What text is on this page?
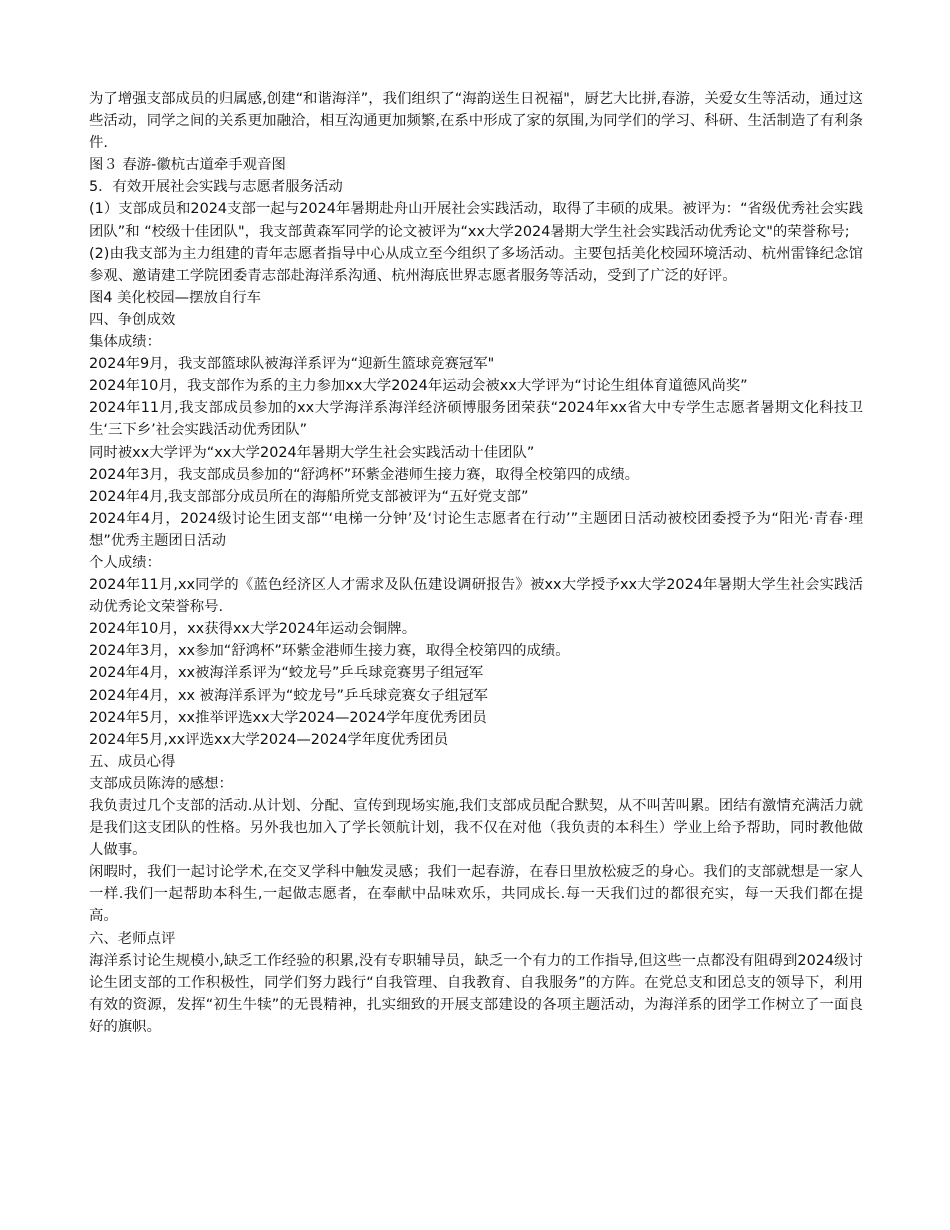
为了增强支部成员的归属感,创建“和谐海洋”，我们组织了“海韵送生日祝福"，厨艺大比拼,春游，关爱女生等活动，通过这些活动，同学之间的关系更加融洽，相互沟通更加频繁,在系中形成了家的氛围,为同学们的学习、科研、生活制造了有利条件.

图３ 春游-徽杭古道牵手观音图

5．有效开展社会实践与志愿者服务活动

(1）支部成员和2024支部一起与2024年暑期赴舟山开展社会实践活动，取得了丰硕的成果。被评为：“省级优秀社会实践团队”和 “校级十佳团队"，我支部黄森军同学的论文被评为“xx大学2024暑期大学生社会实践活动优秀论文"的荣誉称号;

(2)由我支部为主力组建的青年志愿者指导中心从成立至今组织了多场活动。主要包括美化校园环境活动、杭州雷锋纪念馆参观、邀请建工学院团委青志部赴海洋系沟通、杭州海底世界志愿者服务等活动，受到了广泛的好评。

图4 美化校园—摆放自行车

四、争创成效

集体成绩：

2024年9月，我支部篮球队被海洋系评为“迎新生篮球竞赛冠军"

2024年10月，我支部作为系的主力参加xx大学2024年运动会被xx大学评为“讨论生组体育道德风尚奖”

2024年11月,我支部成员参加的xx大学海洋系海洋经济硕博服务团荣获“2024年xx省大中专学生志愿者暑期文化科技卫生‘三下乡’社会实践活动优秀团队”

同时被xx大学评为“xx大学2024年暑期大学生社会实践活动十佳团队”

2024年3月，我支部成员参加的“舒鸿杯”环紫金港师生接力赛，取得全校第四的成绩。

2024年4月,我支部部分成员所在的海船所党支部被评为“五好党支部”

2024年4月，2024级讨论生团支部“‘电梯一分钟’及‘讨论生志愿者在行动’”主题团日活动被校团委授予为“阳光·青春·理想”优秀主题团日活动

个人成绩：

2024年11月,xx同学的《蓝色经济区人才需求及队伍建设调研报告》被xx大学授予xx大学2024年暑期大学生社会实践活动优秀论文荣誉称号.

2024年10月，xx获得xx大学2024年运动会铜牌。

2024年3月，xx参加“舒鸿杯”环紫金港师生接力赛，取得全校第四的成绩。

2024年4月，xx被海洋系评为“蛟龙号”乒乓球竞赛男子组冠军

2024年4月，xx 被海洋系评为“蛟龙号”乒乓球竞赛女子组冠军

2024年5月，xx推举评选xx大学2024—2024学年度优秀团员

2024年5月,xx评选xx大学2024—2024学年度优秀团员

五、成员心得

支部成员陈涛的感想：

我负责过几个支部的活动.从计划、分配、宣传到现场实施,我们支部成员配合默契，从不叫苦叫累。团结有激情充满活力就是我们这支团队的性格。另外我也加入了学长领航计划，我不仅在对他（我负责的本科生）学业上给予帮助，同时教他做人做事。

闲暇时，我们一起讨论学术,在交叉学科中触发灵感；我们一起春游，在春日里放松疲乏的身心。我们的支部就想是一家人一样.我们一起帮助本科生,一起做志愿者，在奉献中品味欢乐，共同成长.每一天我们过的都很充实，每一天我们都在提高。

六、老师点评

海洋系讨论生规模小,缺乏工作经验的积累,没有专职辅导员，缺乏一个有力的工作指导,但这些一点都没有阻碍到2024级讨论生团支部的工作积极性，同学们努力践行“自我管理、自我教育、自我服务”的方阵。在党总支和团总支的领导下，利用有效的资源，发挥“初生牛犊”的无畏精神，扎实细致的开展支部建设的各项主题活动，为海洋系的团学工作树立了一面良好的旗帜。
